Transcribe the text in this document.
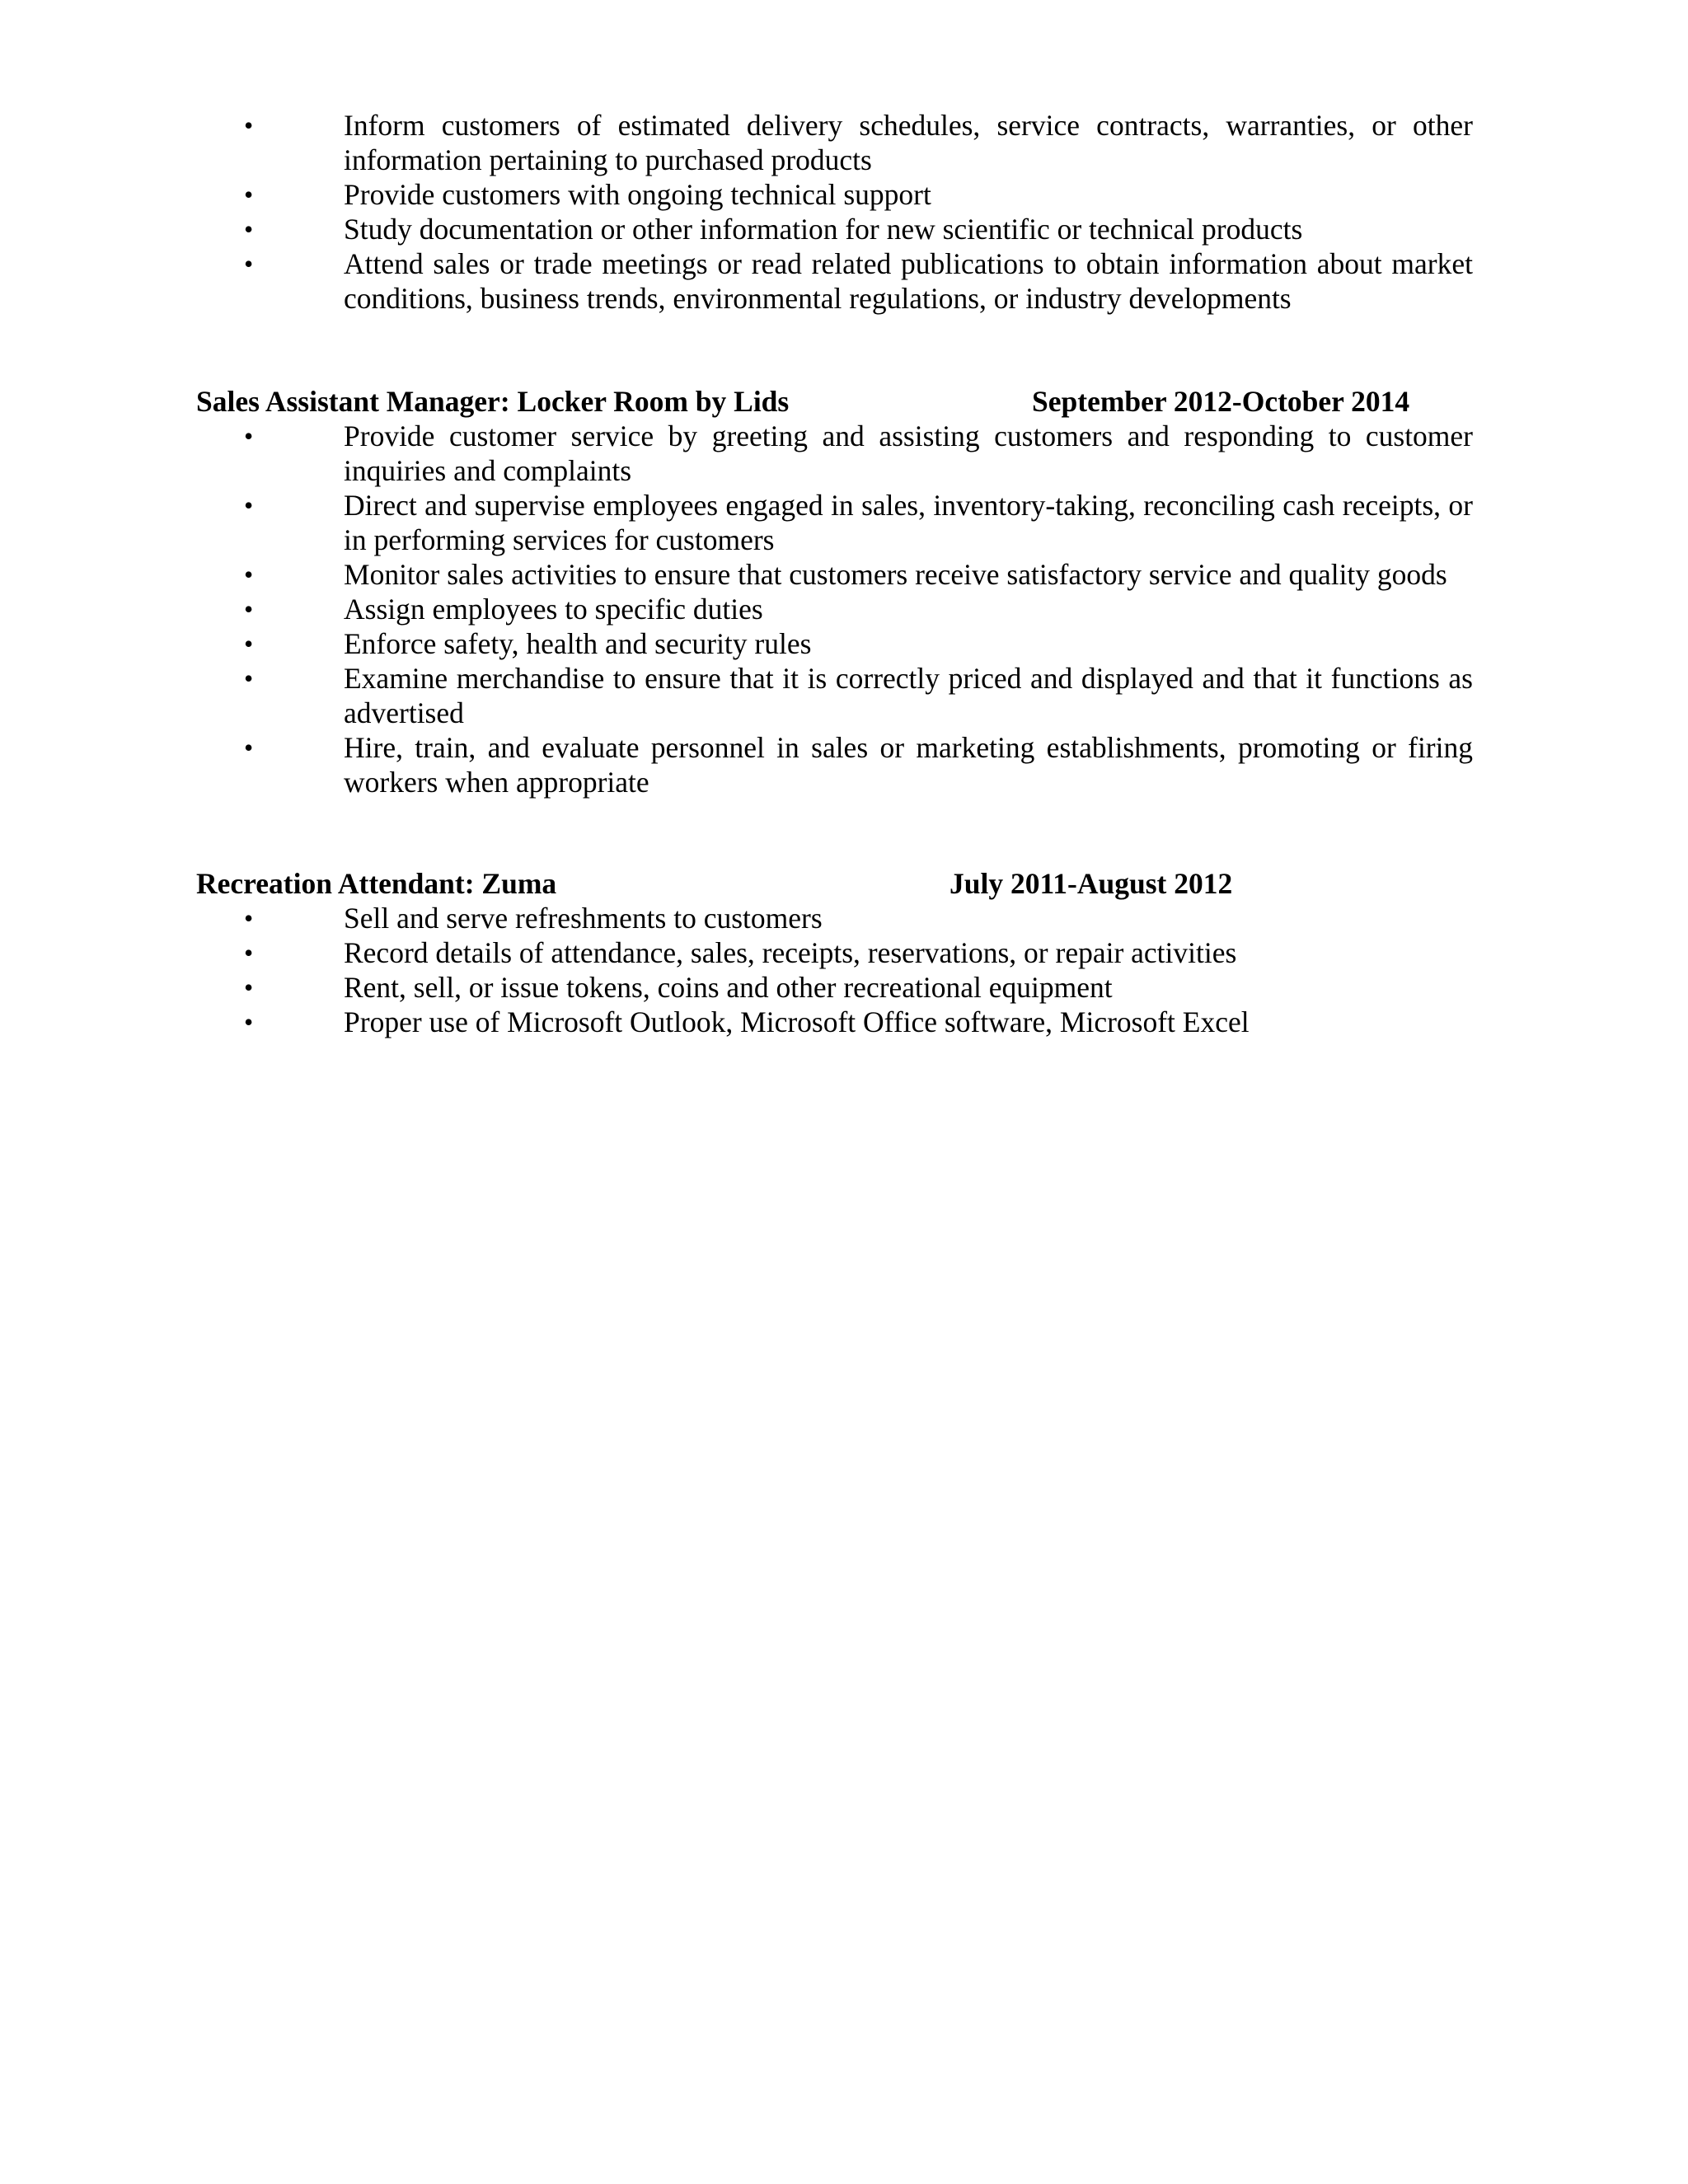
•	Inform customers of estimated delivery schedules, service contracts, warranties, or other information pertaining to purchased products
•	Provide customers with ongoing technical support
•	Study documentation or other information for new scientific or technical products
•	Attend sales or trade meetings or read related publications to obtain information about market conditions, business trends, environmental regulations, or industry developments
Sales Assistant Manager: Locker Room by Lids	September 2012-October 2014
•	Provide customer service by greeting and assisting customers and responding to customer inquiries and complaints
•	Direct and supervise employees engaged in sales, inventory-taking, reconciling cash receipts, or in performing services for customers
•	Monitor sales activities to ensure that customers receive satisfactory service and quality goods
•	Assign employees to specific duties
•	Enforce safety, health and security rules
•	Examine merchandise to ensure that it is correctly priced and displayed and that it functions as advertised
•	Hire, train, and evaluate personnel in sales or marketing establishments, promoting or firing workers when appropriate
Recreation Attendant: Zuma	July 2011-August 2012
•	Sell and serve refreshments to customers
•	Record details of attendance, sales, receipts, reservations, or repair activities
•	Rent, sell, or issue tokens, coins and other recreational equipment
•	Proper use of Microsoft Outlook, Microsoft Office software, Microsoft Excel
